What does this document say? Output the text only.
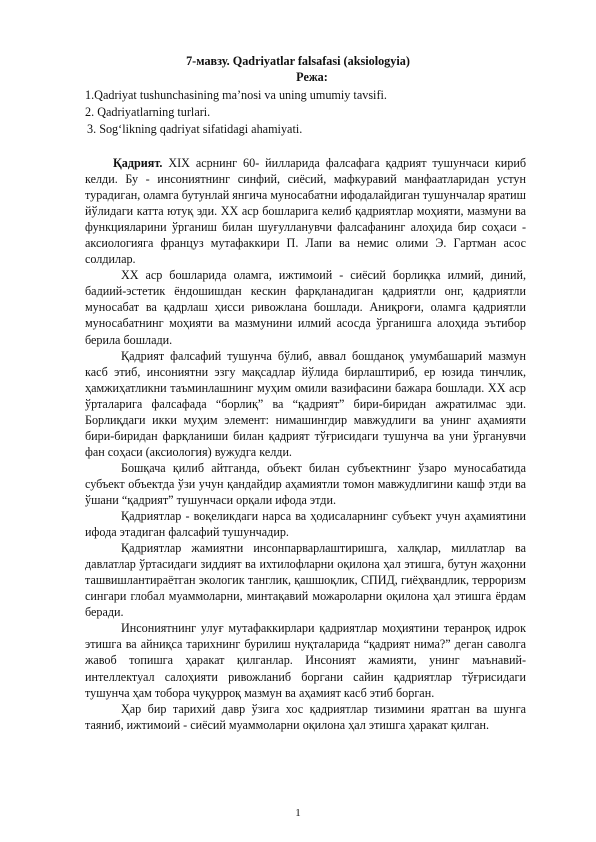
7-мавзу. Qadriyatlar falsafasi (aksiologyia)
Режа:
1.Qadriyat tushunchasining ma’nosi va uning umumiy tavsifi.
2. Qadriyatlarning turlari.
3. Sog‘likning qadriyat sifatidagi ahamiyati.

Қадрият. XIX асрнинг 60- йилларида фалсафага қадрият тушунчаси кириб келди. Бу - инсониятнинг синфий, сиёсий, мафкуравий манфаатларидан устун турадиган, оламга бутунлай янгича муносабатни ифодалайдиган тушунчалар яратиш йўлидаги катта ютуқ эди. XX аср бошларига келиб қадриятлар моҳияти, мазмуни ва функцияларини ўрганиш билан шуғулланувчи фалсафанинг алоҳида бир соҳаси - аксиологияга француз мутафаккири П. Лапи ва немис олими Э. Гартман асос солдилар.

XX аср бошларида оламга, ижтимоий - сиёсий борлиқка илмий, диний, бадиий-эстетик ёндошишдан кескин фарқланадиган қадриятли онг, қадриятли муносабат ва қадрлаш ҳисси ривожлана бошлади. Аниқроғи, оламга қадриятли муносабатнинг моҳияти ва мазмунини илмий асосда ўрганишга алоҳида эътибор берила бошлади.

Қадрият фалсафий тушунча бўлиб, аввал бошданоқ умумбашарий мазмун касб этиб, инсониятни эзгу мақсадлар йўлида бирлаштириб, ер юзида тинчлик, ҳамжиҳатликни таъминлашнинг муҳим омили вазифасини бажара бошлади. XX аср ўрталарига фалсафада “борлиқ” ва “қадрият” бири-биридан ажратилмас эди. Борлиқдаги икки муҳим элемент: нимашингдир мавжудлиги ва унинг аҳамияти бири-биридан фарқланиши билан қадрият тўғрисидаги тушунча ва уни ўрганувчи фан соҳаси (аксиология) вужудга келди.

Бошқача қилиб айтганда, объект билан субъектнинг ўзаро муносабатида субъект объектда ўзи учун қандайдир аҳамиятли томон мавжудлигини кашф этди ва ўшани “қадрият” тушунчаси орқали ифода этди.

Қадриятлар - воқеликдаги нарса ва ҳодисаларнинг субъект учун аҳамиятини ифода этадиган фалсафий тушунчадир.

Қадриятлар жамиятни инсонпарварлаштиришга, халқлар, миллатлар ва давлатлар ўртасидаги зиддият ва ихтилофларни оқилона ҳал этишга, бутун жаҳонни ташвишлантираётган экологик танглик, қашшоқлик, СПИД, гиёҳвандлик, терроризм сингари глобал муаммоларни, минтақавий можароларни оқилона ҳал этишга ёрдам беради.

Инсониятнинг улуғ мутафаккирлари қадриятлар моҳиятини теранроқ идрок этишга ва айниқса тарихнинг бурилиш нуқталарида “қадрият нима?” деган саволга жавоб топишга ҳаракат қилганлар. Инсоният жамияти, унинг маънавий-интеллектуал салоҳияти ривожланиб боргани сайин қадриятлар тўғрисидаги тушунча ҳам тобора чуқурроқ мазмун ва аҳамият касб этиб борган.

Ҳар бир тарихий давр ўзига хос қадриятлар тизимини яратган ва шунга таяниб, ижтимоий - сиёсий муаммоларни оқилона ҳал этишга ҳаракат қилган.

1
